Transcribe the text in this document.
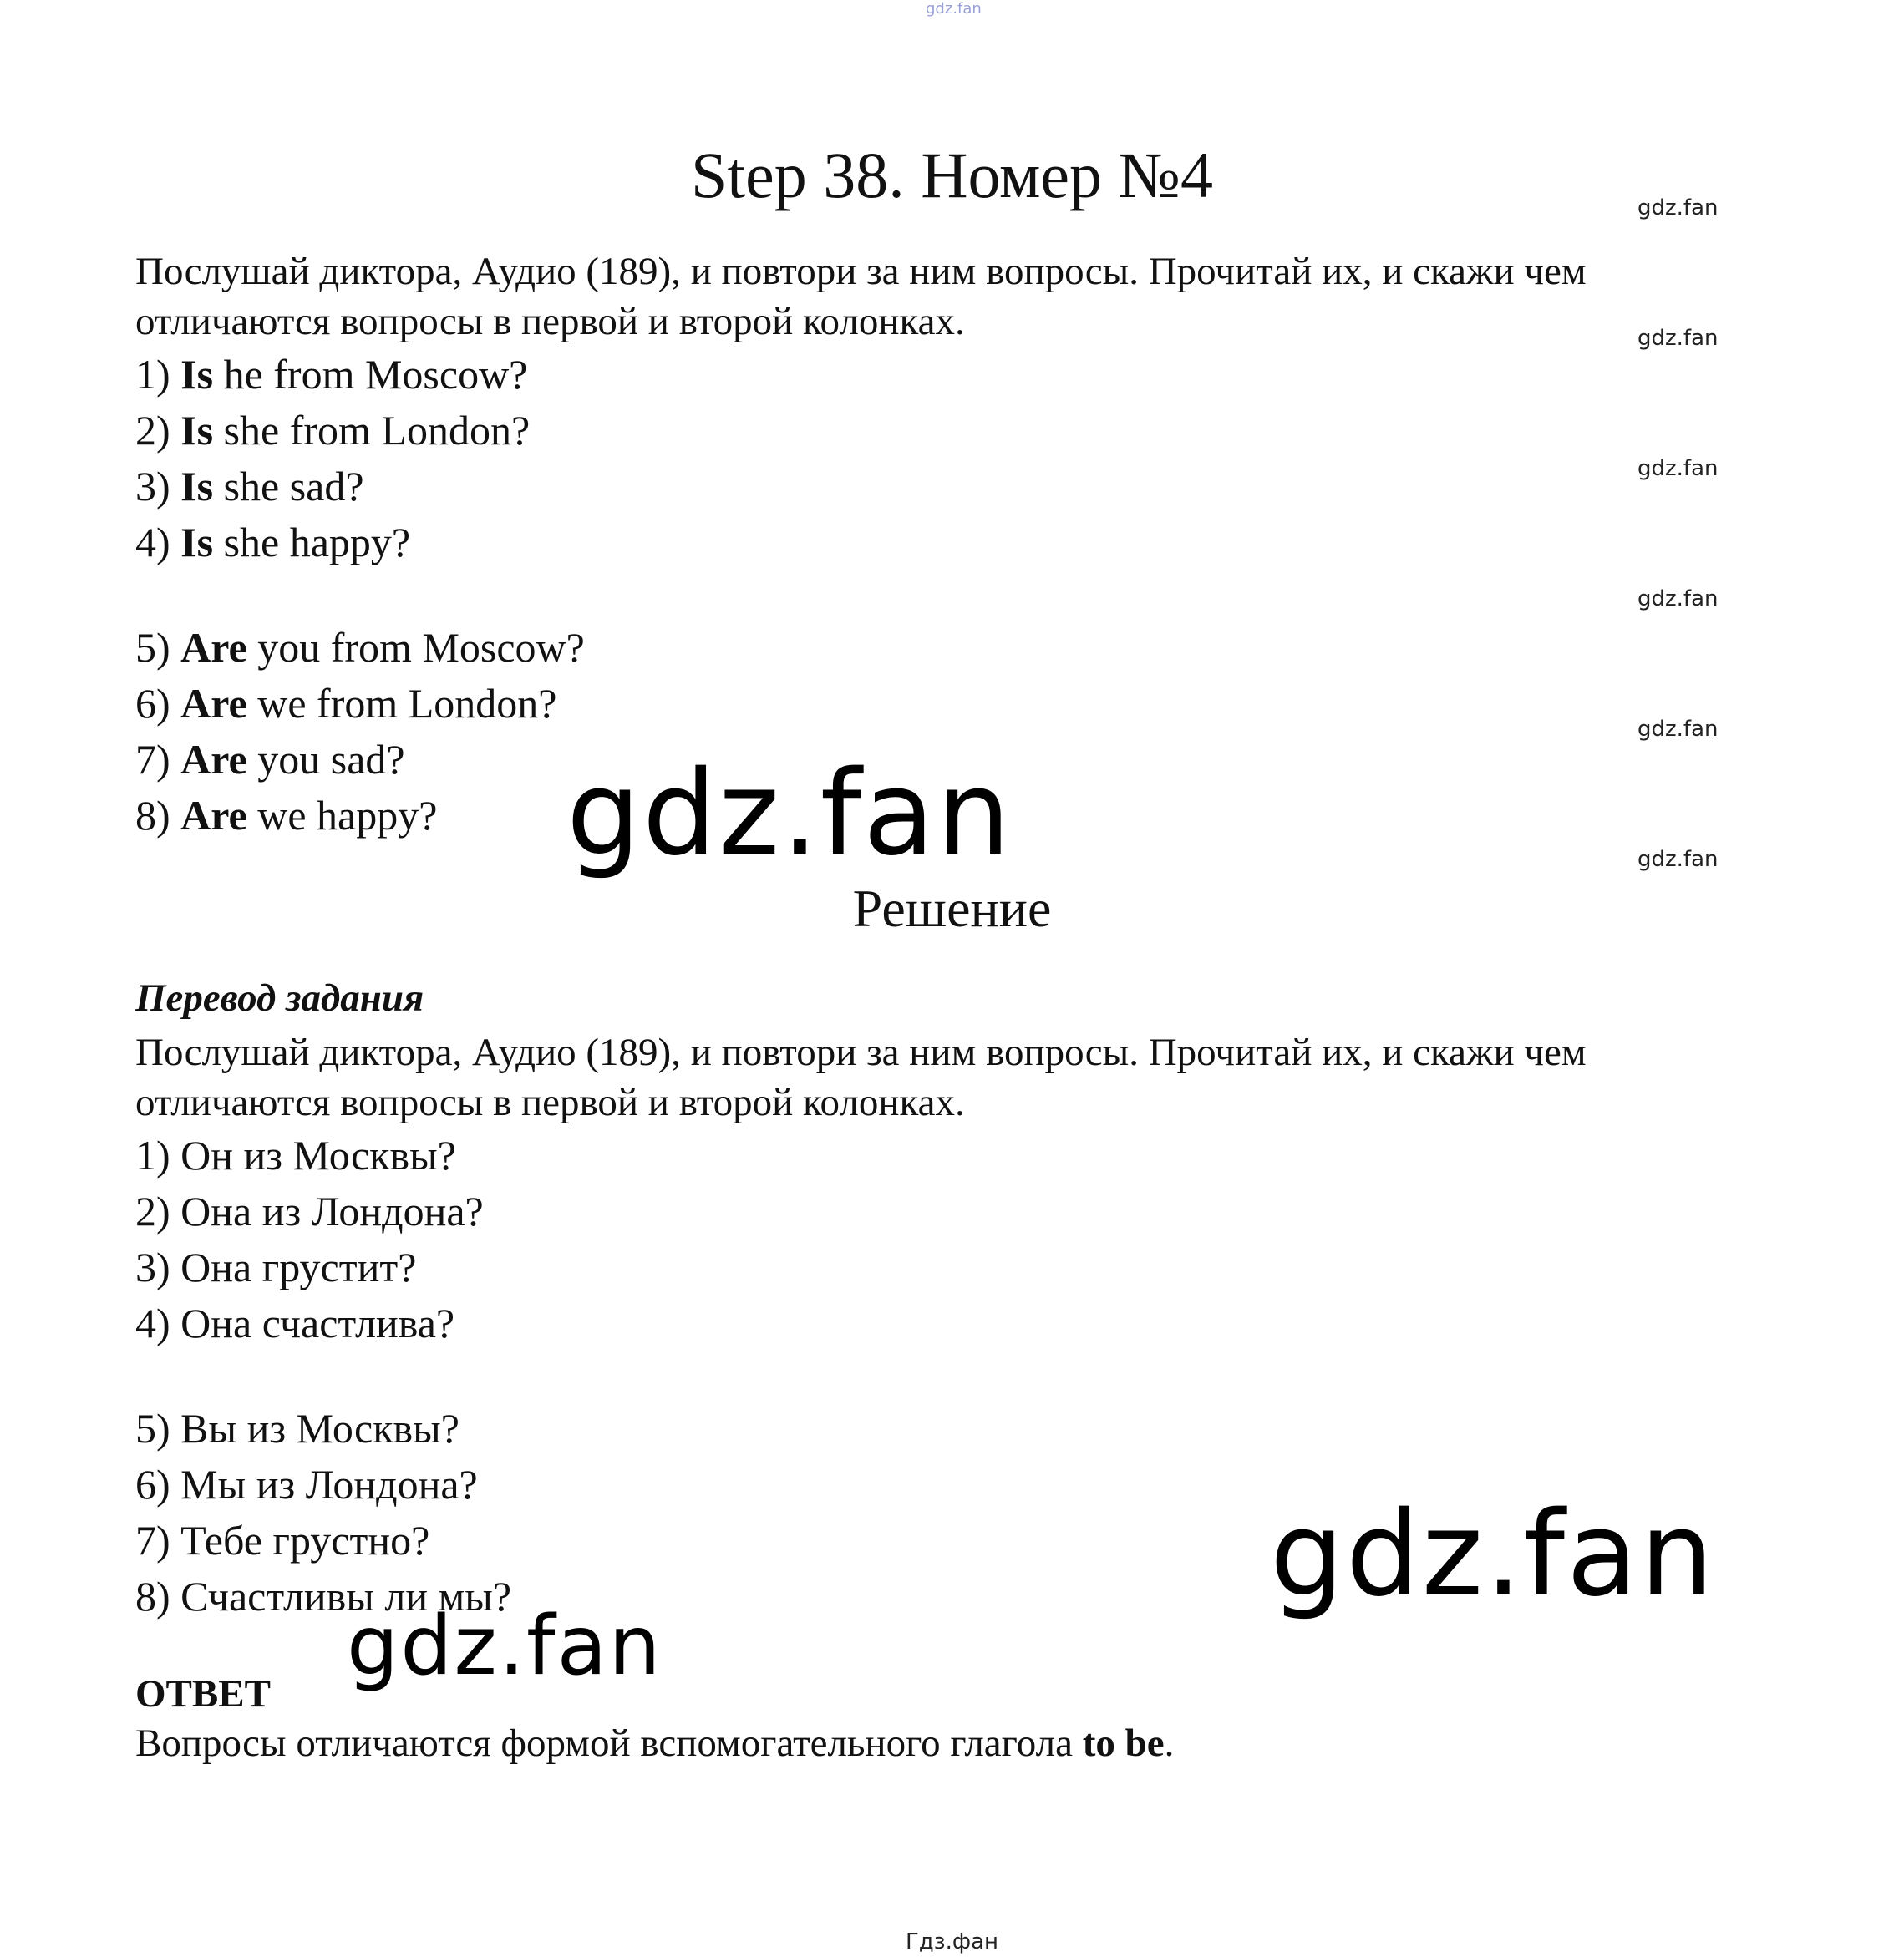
gdz.fan
Step 38. Номер №4	gdz.fan
gdz.fan
gdz.fan
gdz.fan
gdz.fan
gdz.fan
Послушай диктора, Аудио (189), и повтори за ним вопросы. Прочитай их, и скажи чем
отличаются вопросы в первой и второй колонках.
1) Is he from Moscow?
2) Is she from London?
3) Is she sad?
4) Is she happy?
5) Are you from Moscow?
6) Are we from London?
7) Are you sad?
8) Are we happy? gdz.fan
Решение
Перевод задания
Послушай диктора, Аудио (189), и повтори за ним вопросы. Прочитай их, и скажи чем
отличаются вопросы в первой и второй колонках.
1) Он из Москвы?
2) Она из Лондона?
3) Она грустит?
4) Она счастлива?
5) Вы из Москвы?
6) Мы из Лондона?
7) Тебе грустно?
8) Счастливы ли мы?	gdz.fan
gdz.fan
ОТВЕТ
Вопросы отличаются формой вспомогательного глагола to be.
Гдз.фан
